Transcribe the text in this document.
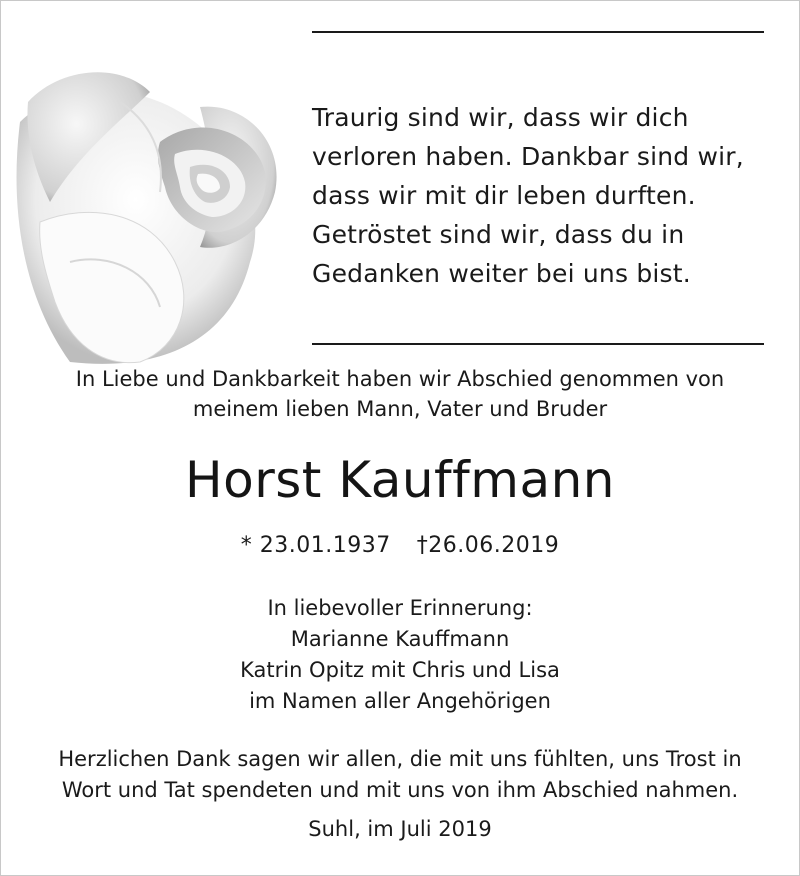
Traurig sind wir, dass wir dich
verloren haben. Dankbar sind wir,
dass wir mit dir leben durften.
Getröstet sind wir, dass du in
Gedanken weiter bei uns bist.
In Liebe und Dankbarkeit haben wir Abschied genommen von
meinem lieben Mann, Vater und Bruder
Horst Kauffmann
* 23.01.1937 †26.06.2019
In liebevoller Erinnerung:
Marianne Kauffmann
Katrin Opitz mit Chris und Lisa
im Namen aller Angehörigen
Herzlichen Dank sagen wir allen, die mit uns fühlten, uns Trost in
Wort und Tat spendeten und mit uns von ihm Abschied nahmen.
Suhl, im Juli 2019
